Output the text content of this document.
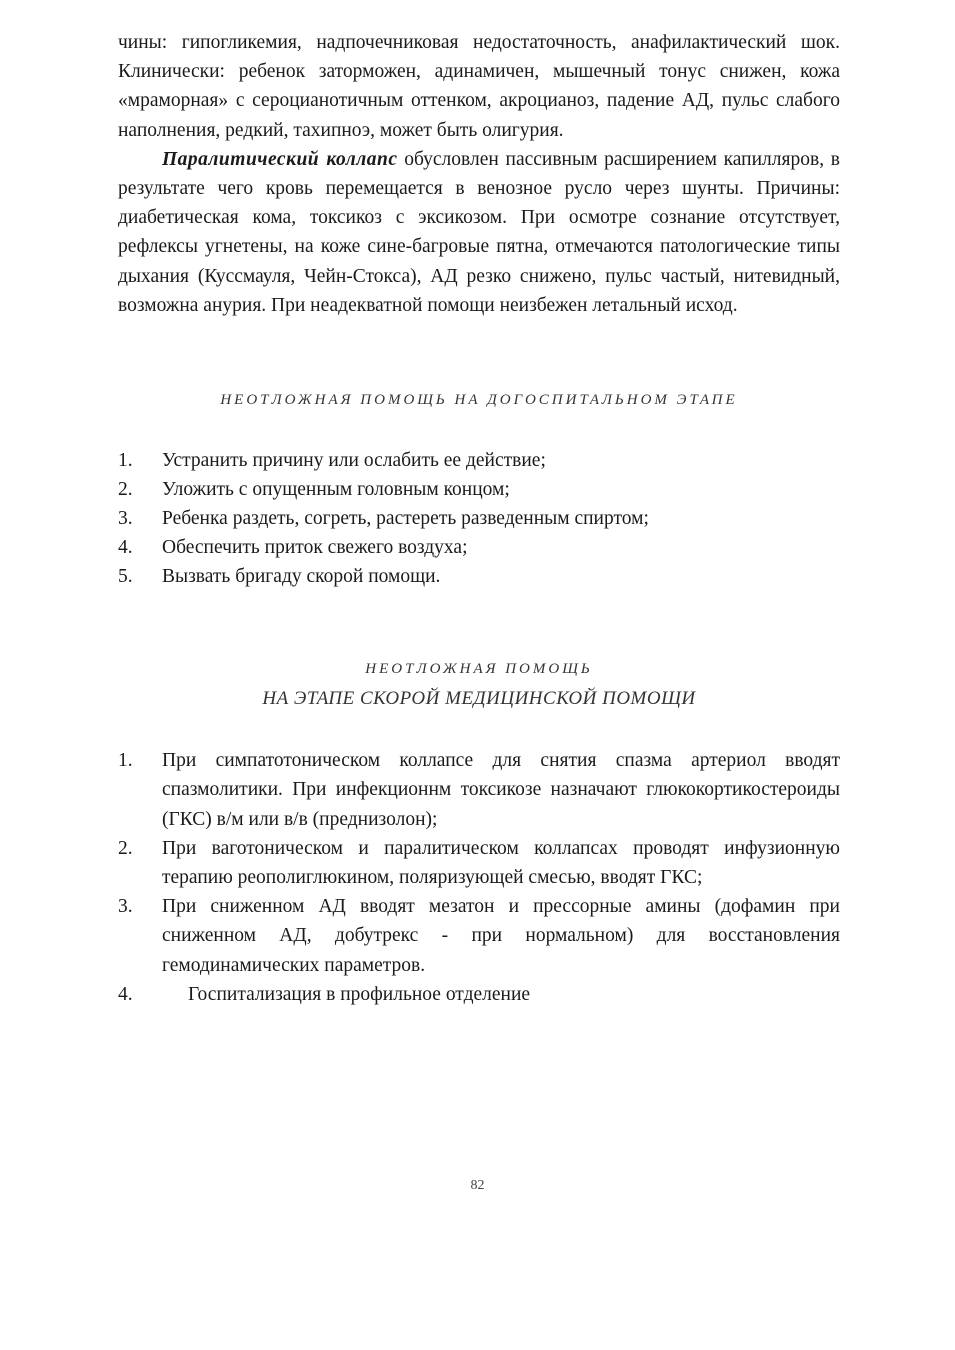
чины: гипогликемия, надпочечниковая недостаточность, анафилактический шок. Клинически: ребенок заторможен, адинамичен, мышечный тонус снижен, кожа «мраморная» с сероцианотичным оттенком, акроцианоз, падение АД, пульс слабого наполнения, редкий, тахипноэ, может быть олигурия.

Паралитический коллапс обусловлен пассивным расширением капилляров, в результате чего кровь перемещается в венозное русло через шунты. Причины: диабетическая кома, токсикоз с эксикозом. При осмотре сознание отсутствует, рефлексы угнетены, на коже сине-багровые пятна, отмечаются патологические типы дыхания (Куссмауля, Чейн-Стокса), АД резко снижено, пульс частый, нитевидный, возможна анурия. При неадекватной помощи неизбежен летальный исход.

НЕОТЛОЖНАЯ ПОМОЩЬ НА ДОГОСПИТАЛЬНОМ ЭТАПЕ
1. Устранить причину или ослабить ее действие;
2. Уложить с опущенным головным концом;
3. Ребенка раздеть, согреть, растереть разведенным спиртом;
4. Обеспечить приток свежего воздуха;
5. Вызвать бригаду скорой помощи.
НЕОТЛОЖНАЯ ПОМОЩЬ
НА ЭТАПЕ СКОРОЙ МЕДИЦИНСКОЙ ПОМОЩИ
1. При симпатотоническом коллапсе для снятия спазма артериол вводят спазмолитики. При инфекционнм токсикозе назначают глюкокортикостероиды (ГКС) в/м или в/в (преднизолон);
2. При ваготоническом и паралитическом коллапсах проводят инфузионную терапию реополиглюкином, поляризующей смесью, вводят ГКС;
3. При сниженном АД вводят мезатон и прессорные амины (дофамин при сниженном АД, добутрекс - при нормальном) для восстановления гемодинамических параметров.
4.	Госпитализация в профильное отделение
82
